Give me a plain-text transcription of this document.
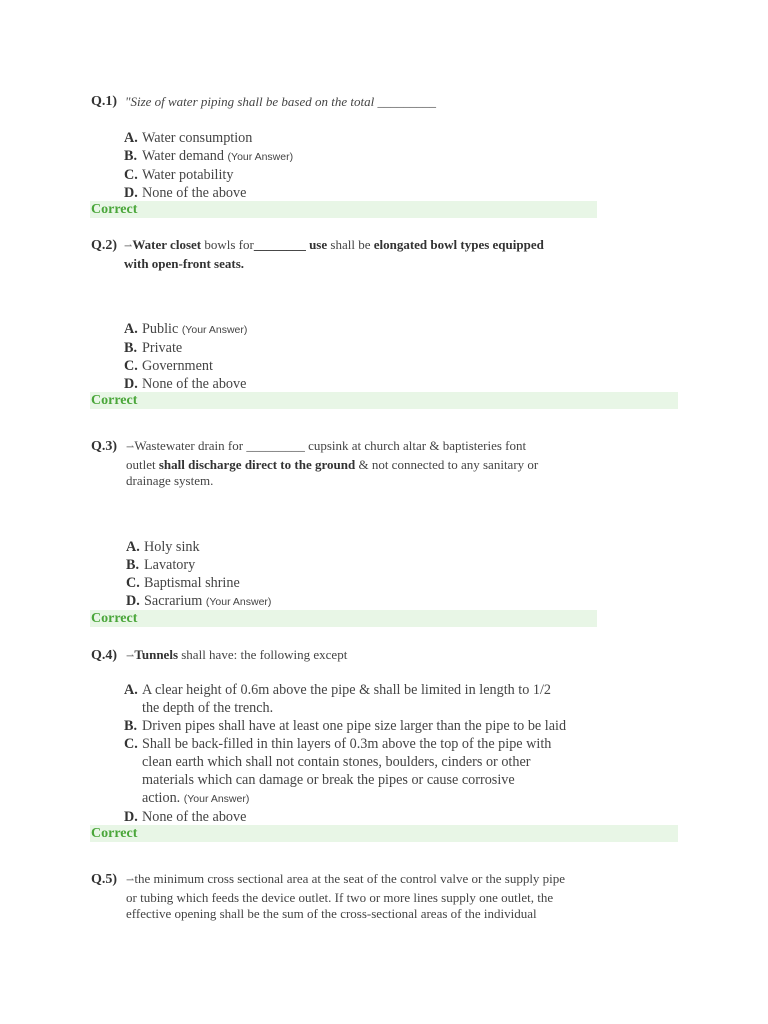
Q.1) "Size of water piping shall be based on the total _________
A. Water consumption
B. Water demand (Your Answer)
C. Water potability
D. None of the above
Correct
Q.2) ⇀Water closet bowls for________ use shall be elongated bowl types equipped
with open-front seats.
A. Public (Your Answer)
B. Private
C. Government
D. None of the above
Correct
Q.3) ⇀Wastewater drain for _________ cupsink at church altar & baptisteries font
outlet shall discharge direct to the ground & not connected to any sanitary or
drainage system.
A. Holy sink
B. Lavatory
C. Baptismal shrine
D. Sacrarium (Your Answer)
Correct
Q.4) ⇀Tunnels shall have: the following except
A. A clear height of 0.6m above the pipe & shall be limited in length to 1/2
the depth of the trench.
B. Driven pipes shall have at least one pipe size larger than the pipe to be laid
C. Shall be back-filled in thin layers of 0.3m above the top of the pipe with
clean earth which shall not contain stones, boulders, cinders or other
materials which can damage or break the pipes or cause corrosive
action. (Your Answer)
D. None of the above
Correct
Q.5) ⇀the minimum cross sectional area at the seat of the control valve or the supply pipe
or tubing which feeds the device outlet. If two or more lines supply one outlet, the
effective opening shall be the sum of the cross-sectional areas of the individual
